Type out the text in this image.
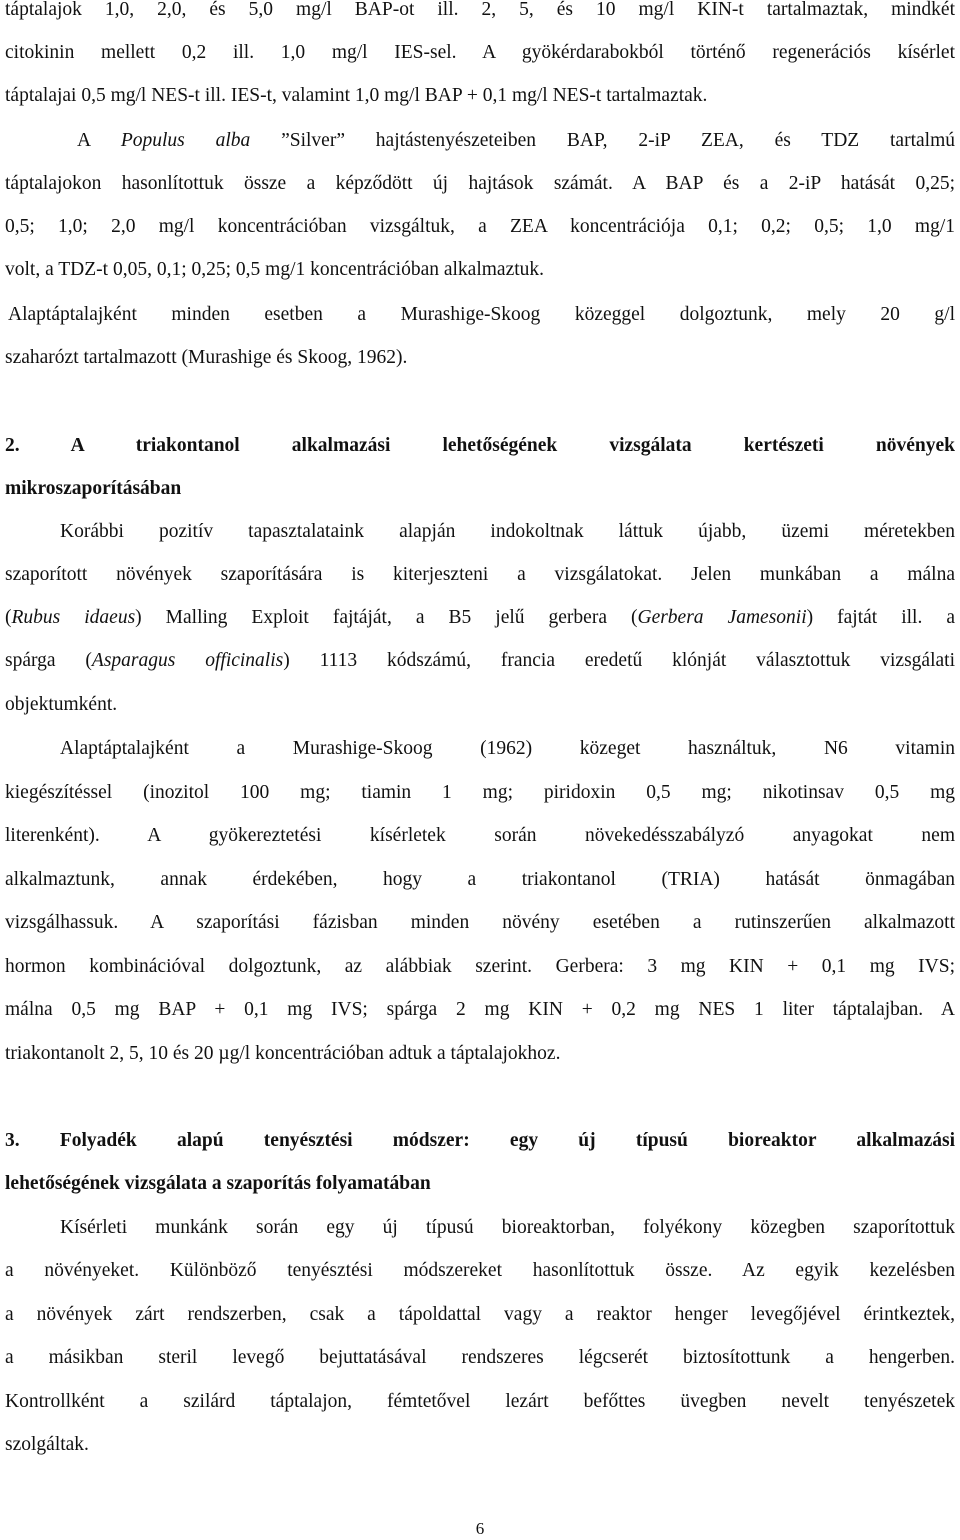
táptalajok 1,0, 2,0, és 5,0 mg/l BAP-ot ill. 2, 5, és 10 mg/l KIN-t tartalmaztak, mindkét
citokinin mellett 0,2 ill. 1,0 mg/l IES-sel. A gyökérdarabokból történő regenerációs kísérlet
táptalajai 0,5 mg/l NES-t ill. IES-t, valamint 1,0 mg/l BAP + 0,1 mg/l NES-t tartalmaztak.
A Populus alba ”Silver” hajtástenyészeteiben BAP, 2-iP ZEA, és TDZ tartalmú
táptalajokon hasonlítottuk össze a képződött új hajtások számát. A BAP és a 2-iP hatását 0,25;
0,5; 1,0; 2,0 mg/l koncentrációban vizsgáltuk, a ZEA koncentrációja 0,1; 0,2; 0,5; 1,0 mg/1
volt, a TDZ-t 0,05, 0,1; 0,25; 0,5 mg/1 koncentrációban alkalmaztuk.
Alaptáptalajként minden esetben a Murashige-Skoog közeggel dolgoztunk, mely 20 g/l
szaharózt tartalmazott (Murashige és Skoog, 1962).
2. A triakontanol alkalmazási lehetőségének vizsgálata kertészeti növények
mikroszaporításában
Korábbi pozitív tapasztalataink alapján indokoltnak láttuk újabb, üzemi méretekben
szaporított növények szaporítására is kiterjeszteni a vizsgálatokat. Jelen munkában a málna
(Rubus idaeus) Malling Exploit fajtáját, a B5 jelű gerbera (Gerbera Jamesonii) fajtát ill. a
spárga (Asparagus officinalis) 1113 kódszámú, francia eredetű klónját választottuk vizsgálati
objektumként.
Alaptáptalajként a Murashige-Skoog (1962) közeget használtuk, N6 vitamin
kiegészítéssel (inozitol 100 mg; tiamin 1 mg; piridoxin 0,5 mg; nikotinsav 0,5 mg
literenként). A gyökereztetési kísérletek során növekedésszabályzó anyagokat nem
alkalmaztunk, annak érdekében, hogy a triakontanol (TRIA) hatását önmagában
vizsgálhassuk. A szaporítási fázisban minden növény esetében a rutinszerűen alkalmazott
hormon kombinációval dolgoztunk, az alábbiak szerint. Gerbera: 3 mg KIN + 0,1 mg IVS;
málna 0,5 mg BAP + 0,1 mg IVS; spárga 2 mg KIN + 0,2 mg NES 1 liter táptalajban. A
triakontanolt 2, 5, 10 és 20 µg/l koncentrációban adtuk a táptalajokhoz.
3. Folyadék alapú tenyésztési módszer: egy új típusú bioreaktor alkalmazási
lehetőségének vizsgálata a szaporítás folyamatában
Kísérleti munkánk során egy új típusú bioreaktorban, folyékony közegben szaporítottuk
a növényeket. Különböző tenyésztési módszereket hasonlítottuk össze. Az egyik kezelésben
a növények zárt rendszerben, csak a tápoldattal vagy a reaktor henger levegőjével érintkeztek,
a másikban steril levegő bejuttatásával rendszeres légcserét biztosítottunk a hengerben.
Kontrollként a szilárd táptalajon, fémtetővel lezárt befőttes üvegben nevelt tenyészetek
szolgáltak.
6
